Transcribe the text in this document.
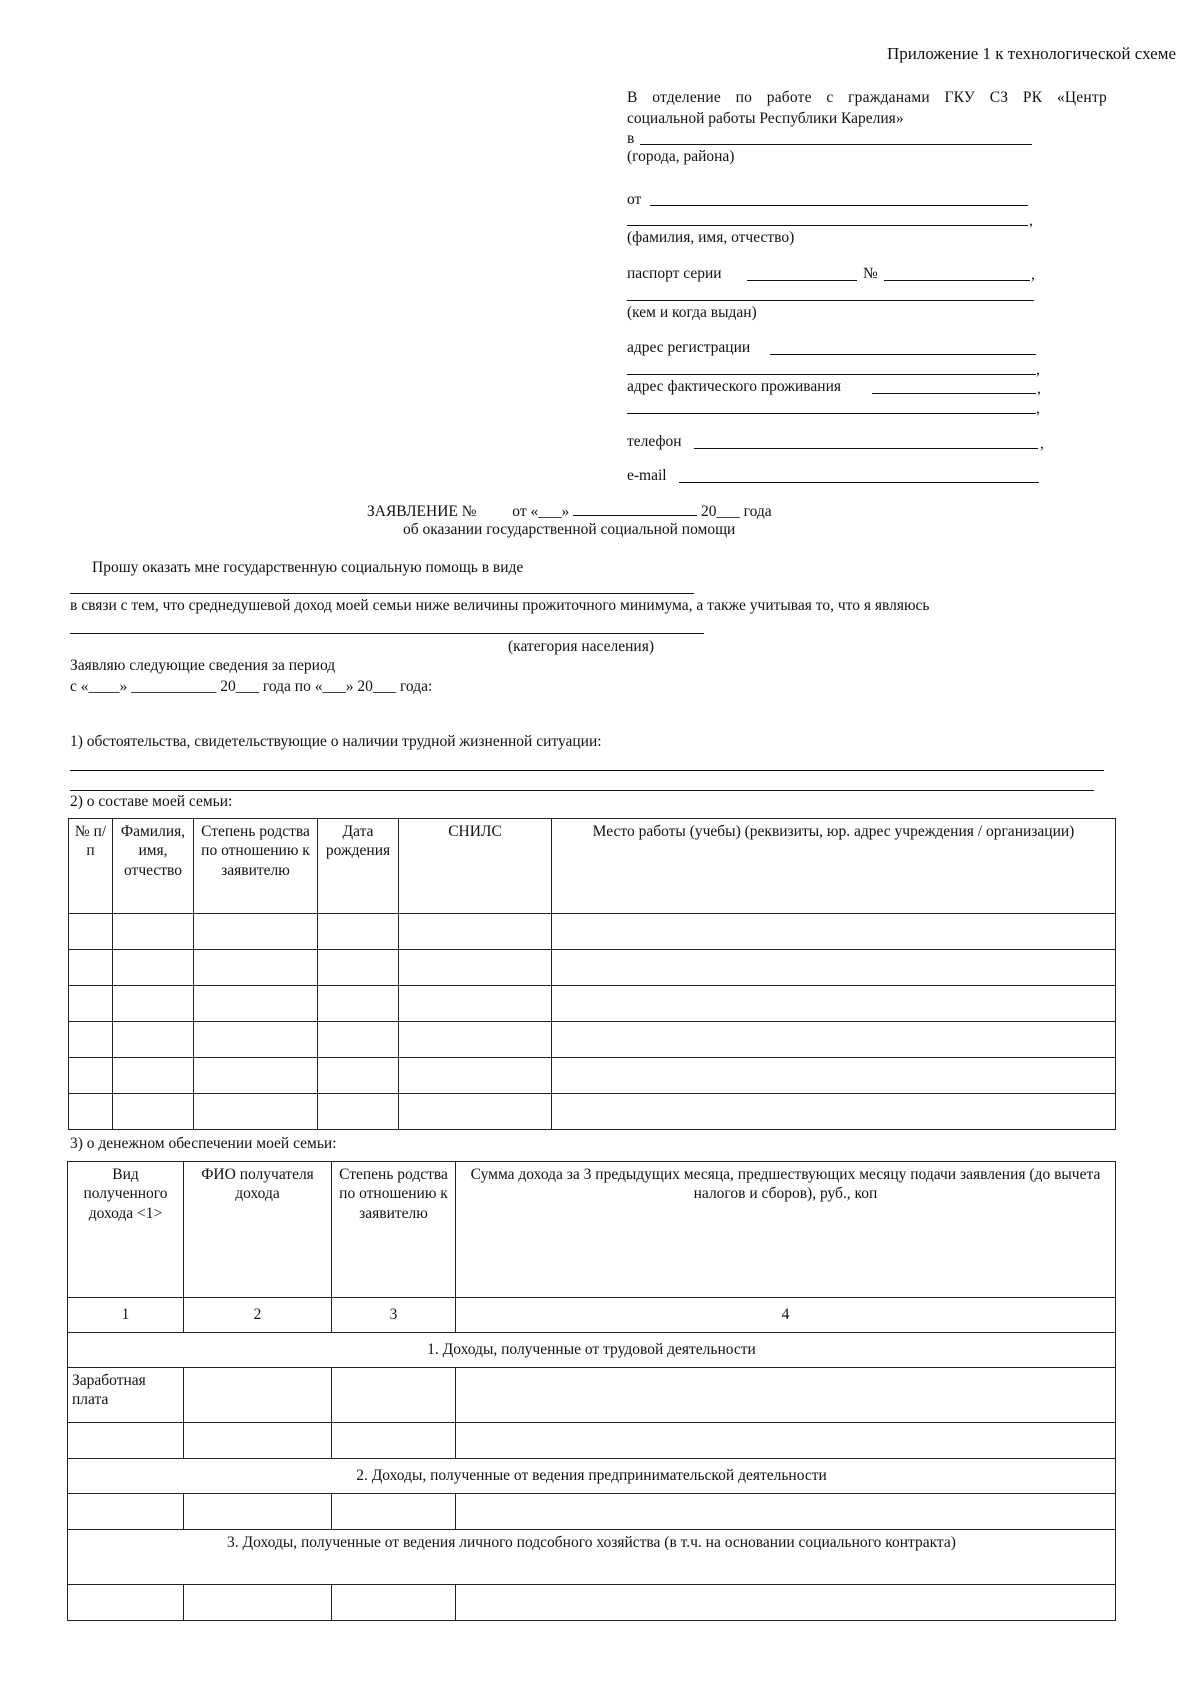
Приложение 1 к технологической схеме
В отделение по работе с гражданами ГКУ СЗ РК «Центр
социальной работы Республики Карелия»
в
(города, района)
от
,
(фамилия, имя, отчество)
паспорт серии	№	,
(кем и когда выдан)
адрес регистрации
,
адрес фактического проживания	,
,
телефон	,
e-mail
ЗАЯВЛЕНИЕ № от «___»	20___ года
об оказании государственной социальной помощи
Прошу оказать мне государственную социальную помощь в виде
в связи с тем, что среднедушевой доход моей семьи ниже величины прожиточного минимума, а также учитывая то, что я являюсь
(категория населения)
Заявляю следующие сведения за период
с «____» ___________ 20___ года по «___» 20___ года:
1) обстоятельства, свидетельствующие о наличии трудной жизненной ситуации:
2) о составе моей семьи:
№ п/п	Фамилия, имя, отчество	Степень родства по отношению к заявителю	Дата рождения	СНИЛС	Место работы (учебы) (реквизиты, юр. адрес учреждения / организации)

3) о денежном обеспечении моей семьи:
Вид полученного дохода <1>	ФИО получателя дохода	Степень родства по отношению к заявителю	Сумма дохода за 3 предыдущих месяца, предшествующих месяцу подачи заявления (до вычета налогов и сборов), руб., коп
1	2	3	4
1. Доходы, полученные от трудовой деятельности			
Заработная плата			

2. Доходы, полученные от ведения предпринимательской деятельности			

3. Доходы, полученные от ведения личного подсобного хозяйства (в т.ч. на основании социального контракта)			
